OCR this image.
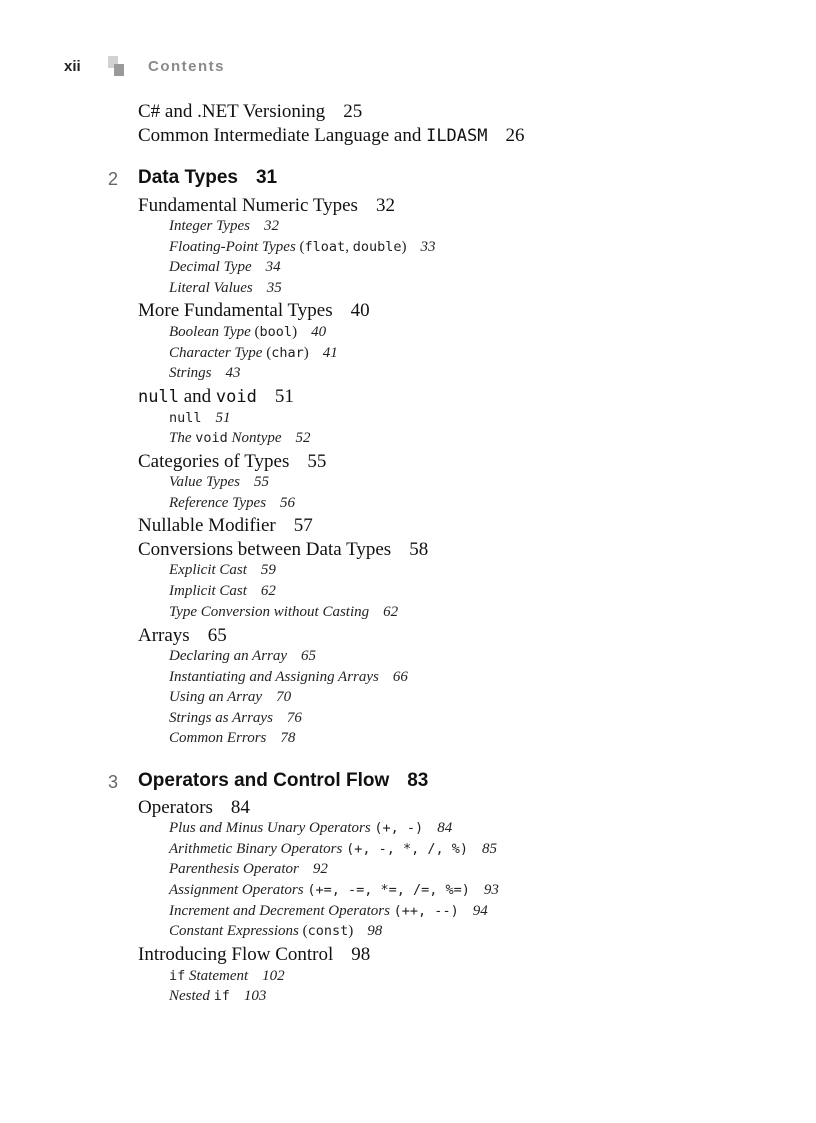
xii	Contents
C# and .NET Versioning 25
Common Intermediate Language and ILDASM 26
2 Data Types 31
Fundamental Numeric Types 32
Integer Types 32
Floating-Point Types (float, double) 33
Decimal Type 34
Literal Values 35
More Fundamental Types 40
Boolean Type (bool) 40
Character Type (char) 41
Strings 43
null and void 51
null 51
The void Nontype 52
Categories of Types 55
Value Types 55
Reference Types 56
Nullable Modifier 57
Conversions between Data Types 58
Explicit Cast 59
Implicit Cast 62
Type Conversion without Casting 62
Arrays 65
Declaring an Array 65
Instantiating and Assigning Arrays 66
Using an Array 70
Strings as Arrays 76
Common Errors 78
3 Operators and Control Flow 83
Operators 84
Plus and Minus Unary Operators (+, -) 84
Arithmetic Binary Operators (+, -, *, /, %) 85
Parenthesis Operator 92
Assignment Operators (+=, -=, *=, /=, %=) 93
Increment and Decrement Operators (++, --) 94
Constant Expressions (const) 98
Introducing Flow Control 98
if Statement 102
Nested if 103
